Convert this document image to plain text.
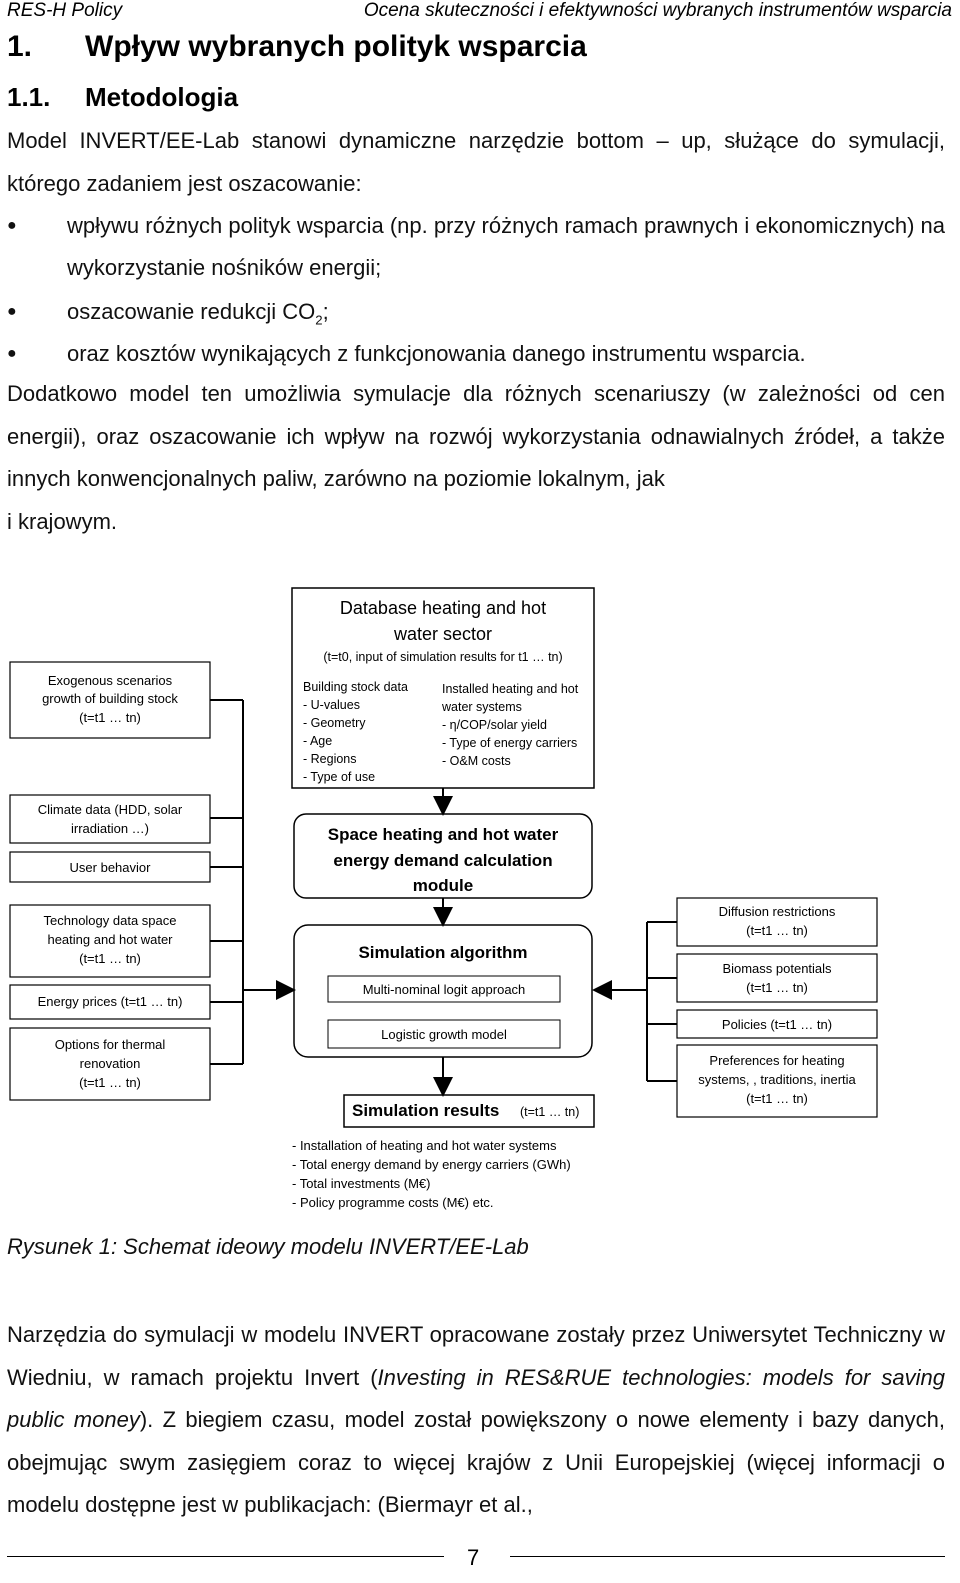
RES-H Policy	Ocena skuteczności i efektywności wybranych instrumentów wsparcia
1. Wpływ wybranych polityk wsparcia
1.1. Metodologia
Model INVERT/EE-Lab stanowi dynamiczne narzędzie bottom – up, służące do symulacji, którego zadaniem jest oszacowanie:
● wpływu różnych polityk wsparcia (np. przy różnych ramach prawnych i ekonomicznych) na wykorzystanie nośników energii;
● oszacowanie redukcji $CO_2$;
● oraz kosztów wynikających z funkcjonowania danego instrumentu wsparcia.
Dodatkowo model ten umożliwia symulacje dla różnych scenariuszy (w zależności od cen energii), oraz oszacowanie ich wpływ na rozwój wykorzystania odnawialnych źródeł, a także innych konwencjonalnych paliw, zarówno na poziomie lokalnym, jak
i krajowym.
Database heating and hot
water sector
(t=t0, input of simulation results for t1 … tn)
Building stock data
- U-values
- Geometry
- Age
- Regions
- Type of use
Installed heating and hot
water systems
- η/COP/solar yield
- Type of energy carriers
- O&M costs
Exogenous scenarios
growth of building stock
(t=t1 … tn)
Climate data (HDD, solar
irradiation …)
User behavior
Technology data space
heating and hot water
(t=t1 … tn)
Energy prices (t=t1 … tn)
Options for thermal
renovation
(t=t1 … tn)
Space heating and hot water
energy demand calculation
module
Simulation algorithm
Multi-nominal logit approach
Logistic growth model
Simulation results (t=t1 … tn)
- Installation of heating and hot water systems
- Total energy demand by energy carriers (GWh)
- Total investments (M€)
- Policy programme costs (M€) etc.
Diffusion restrictions
(t=t1 … tn)
Biomass potentials
(t=t1 … tn)
Policies (t=t1 … tn)
Preferences for heating
systems, , traditions, inertia
(t=t1 … tn)
Rysunek 1: Schemat ideowy modelu INVERT/EE-Lab
Narzędzia do symulacji w modelu INVERT opracowane zostały przez Uniwersytet Techniczny w Wiedniu, w ramach projektu Invert (Investing in RES&RUE technologies: models for saving public money). Z biegiem czasu, model został powiększony o nowe elementy i bazy danych, obejmując swym zasięgiem coraz to więcej krajów z Unii Europejskiej (więcej informacji o modelu dostępne jest w publikacjach: (Biermayr et al.,
7
